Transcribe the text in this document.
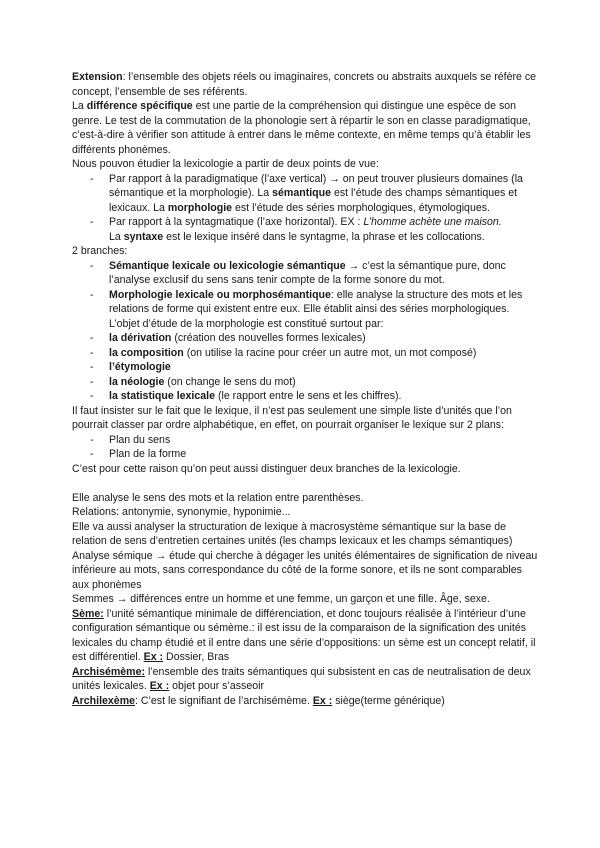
Extension: l’ensemble des objets réels ou imaginaires, concrets ou abstraits auxquels se réfère ce concept, l’ensemble de ses référents.

La différence spécifique est une partie de la compréhension qui distingue une espèce de son genre. Le test de la commutation de la phonologie sert à répartir le son en classe paradigmatique, c’est-à-dire à vérifier son attitude à entrer dans le même contexte, en même temps qu’à établir les différents phonèmes.

Nous pouvon étudier la lexicologie a partir de deux points de vue:

- Par rapport à la paradigmatique (l’axe vertical) → on peut trouver plusieurs domaines (la sémantique et la morphologie). La sémantique est l’étude des champs sémantiques et lexicaux. La morphologie est l’étude des séries morphologiques, étymologiques.
- Par rapport à la syntagmatique (l’axe horizontal). EX : L’homme achète une maison.
La syntaxe est le lexique inséré dans le syntagme, la phrase et les collocations.

2 branches:

- Sémantique lexicale ou lexicologie sémantique → c’est la sémantique pure, donc l’analyse exclusif du sens sans tenir compte de la forme sonore du mot.
- Morphologie lexicale ou morphosémantique: elle analyse la structure des mots et les relations de forme qui existent entre eux. Elle établit ainsi des séries morphologiques. L’objet d’étude de la morphologie est constitué surtout par:
- la dérivation (création des nouvelles formes lexicales)
- la composition (on utilise la racine pour créer un autre mot, un mot composé)
- l’étymologie
- la néologie (on change le sens du mot)
- la statistique lexicale (le rapport entre le sens et les chiffres).

Il faut insister sur le fait que le lexique, il n’est pas seulement une simple liste d’unités que l’on pourrait classer par ordre alphabétique, en effet, on pourrait organiser le lexique sur 2 plans:

- Plan du sens
- Plan de la forme

C’est pour cette raison qu’on peut aussi distinguer deux branches de la lexicologie.

Elle analyse le sens des mots et la relation entre parenthèses.

Relations: antonymie, synonymie, hyponimie...

Elle va aussi analyser la structuration de lexique à macrosystème sémantique sur la base de relation de sens d’entretien certaines unités (les champs lexicaux et les champs sémantiques)

Analyse sémique → étude qui cherche à dégager les unités élémentaires de signification de niveau inférieure au mots, sans correspondance du côté de la forme sonore, et ils ne sont comparables aux phonèmes

Semmes → différences entre un homme et une femme, un garçon et une fille. Âge, sexe.

Sème: l’unité sémantique minimale de différenciation, et donc toujours réalisée à l’intérieur d’une configuration sémantique ou sémème.: il est issu de la comparaison de la signification des unités lexicales du champ étudié et il entre dans une série d’oppositions: un sème est un concept relatif, il est différentiel. Ex : Dossier, Bras

Archisémème: l’ensemble des traits sémantiques qui subsistent en cas de neutralisation de deux unités lexicales. Ex : objet pour s’asseoir

Archilexème: C’est le signifiant de l’archisémème. Ex : siège(terme générique)
